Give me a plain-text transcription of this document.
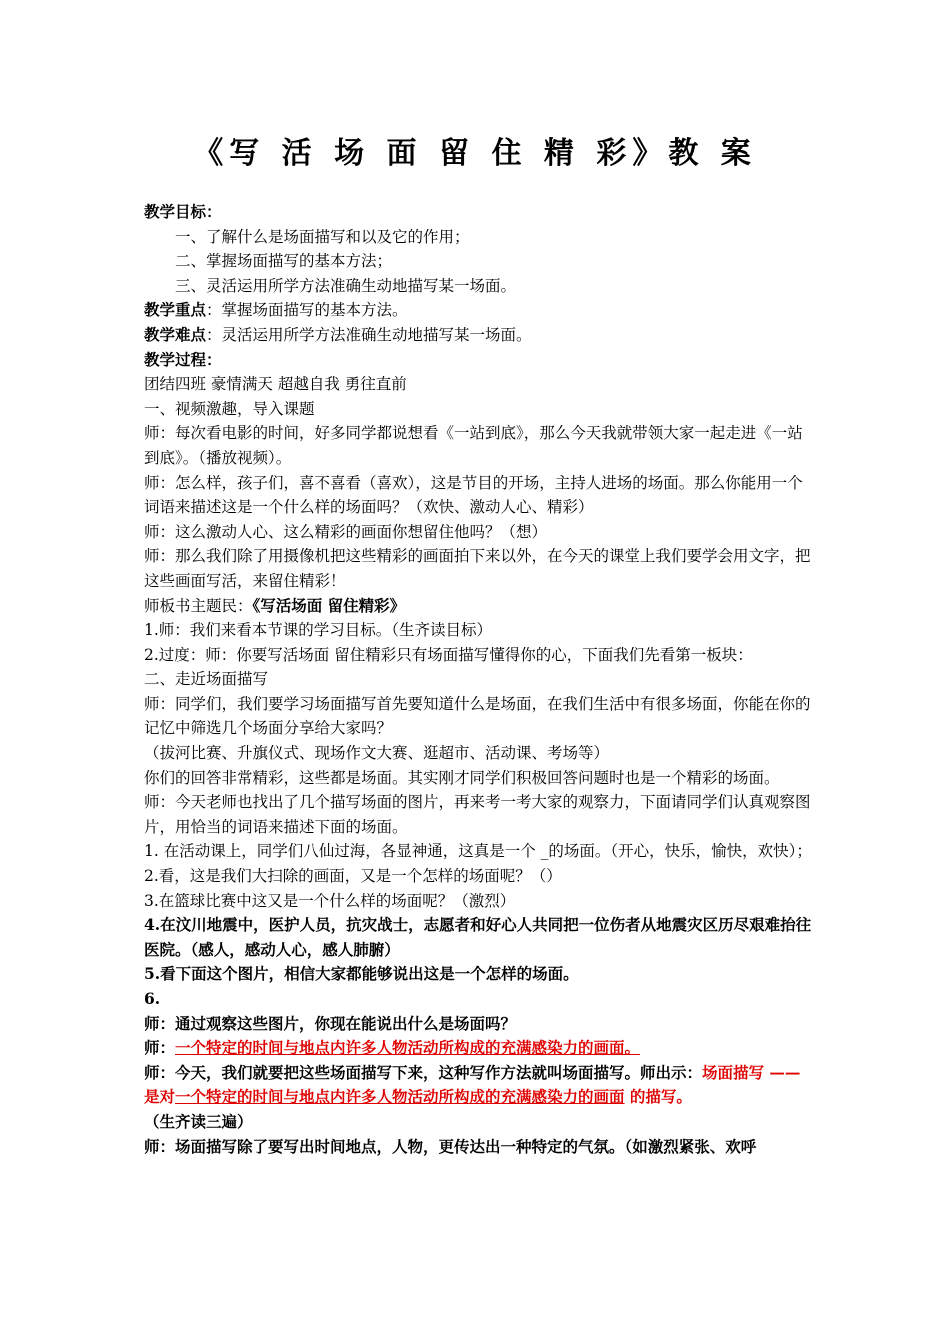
《写 活 场 面 留 住 精 彩》教 案

教学目标：

一、了解什么是场面描写和以及它的作用；

二、掌握场面描写的基本方法；

三、灵活运用所学方法准确生动地描写某一场面。

教学重点：掌握场面描写的基本方法。

教学难点：灵活运用所学方法准确生动地描写某一场面。

教学过程：

团结四班 豪情满天 超越自我 勇往直前

一、视频激趣，导入课题

师：每次看电影的时间，好多同学都说想看《一站到底》，那么今天我就带领大家一起走进《一站到底》。（播放视频）。

师：怎么样，孩子们，喜不喜看（喜欢），这是节目的开场，主持人进场的场面。那么你能用一个词语来描述这是一个什么样的场面吗？（欢快、激动人心、精彩）

师：这么激动人心、这么精彩的画面你想留住他吗？（想）

师：那么我们除了用摄像机把这些精彩的画面拍下来以外，在今天的课堂上我们要学会用文字，把这些画面写活，来留住精彩！

师板书主题民：《写活场面 留住精彩》

1.师：我们来看本节课的学习目标。（生齐读目标）

2.过度：师：你要写活场面 留住精彩只有场面描写懂得你的心，下面我们先看第一板块：

二、走近场面描写

师：同学们，我们要学习场面描写首先要知道什么是场面，在我们生活中有很多场面，你能在你的记忆中筛选几个场面分享给大家吗？

（拔河比赛、升旗仪式、现场作文大赛、逛超市、活动课、考场等）

你们的回答非常精彩，这些都是场面。其实刚才同学们积极回答问题时也是一个精彩的场面。

师：今天老师也找出了几个描写场面的图片，再来考一考大家的观察力，下面请同学们认真观察图片，用恰当的词语来描述下面的场面。

1. 在活动课上，同学们八仙过海，各显神通，这真是一个 _的场面。（开心，快乐，愉快，欢快）；

2.看，这是我们大扫除的画面，又是一个怎样的场面呢？（）

3.在篮球比赛中这又是一个什么样的场面呢？（激烈）

4.在汶川地震中，医护人员，抗灾战士，志愿者和好心人共同把一位伤者从地震灾区历尽艰难抬往医院。（感人，感动人心，感人肺腑）

5.看下面这个图片，相信大家都能够说出这是一个怎样的场面。

6.

师：通过观察这些图片，你现在能说出什么是场面吗？

师：一个特定的时间与地点内许多人物活动所构成的充满感染力的画面。

师：今天，我们就要把这些场面描写下来，这种写作方法就叫场面描写。师出示：场面描写 ——是对一个特定的时间与地点内许多人物活动所构成的充满感染力的画面 的描写。

（生齐读三遍）

师：场面描写除了要写出时间地点，人物，更传达出一种特定的气氛。（如激烈紧张、欢呼
